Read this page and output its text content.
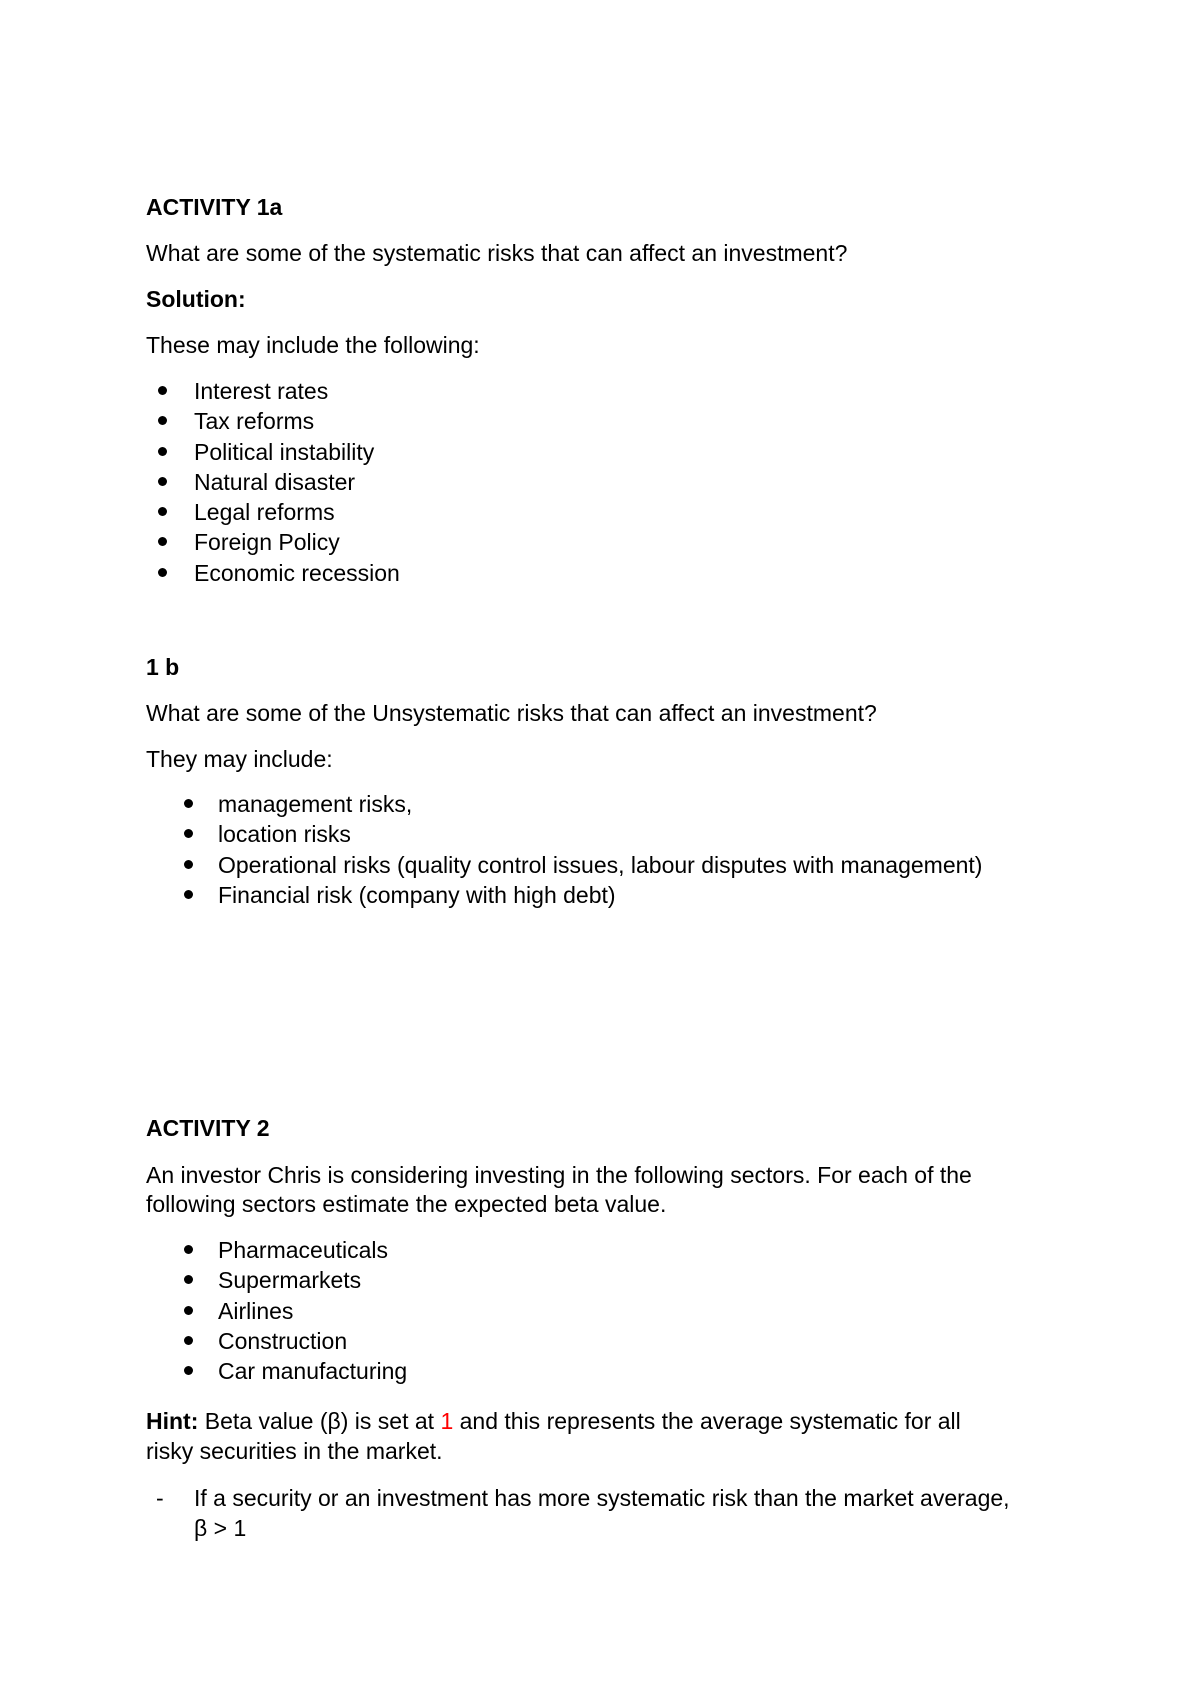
ACTIVITY 1a
What are some of the systematic risks that can affect an investment?
Solution:
These may include the following:
Interest rates
Tax reforms
Political instability
Natural disaster
Legal reforms
Foreign Policy
Economic recession
1 b
What are some of the Unsystematic risks that can affect an investment?
They may include:
management risks,
location risks
Operational risks (quality control issues, labour disputes with management)
Financial risk (company with high debt)
ACTIVITY 2
An investor Chris is considering investing in the following sectors. For each of the
following sectors estimate the expected beta value.
Pharmaceuticals
Supermarkets
Airlines
Construction
Car manufacturing
Hint: Beta value (β) is set at 1 and this represents the average systematic for all
risky securities in the market.
- If a security or an investment has more systematic risk than the market average,
β > 1
